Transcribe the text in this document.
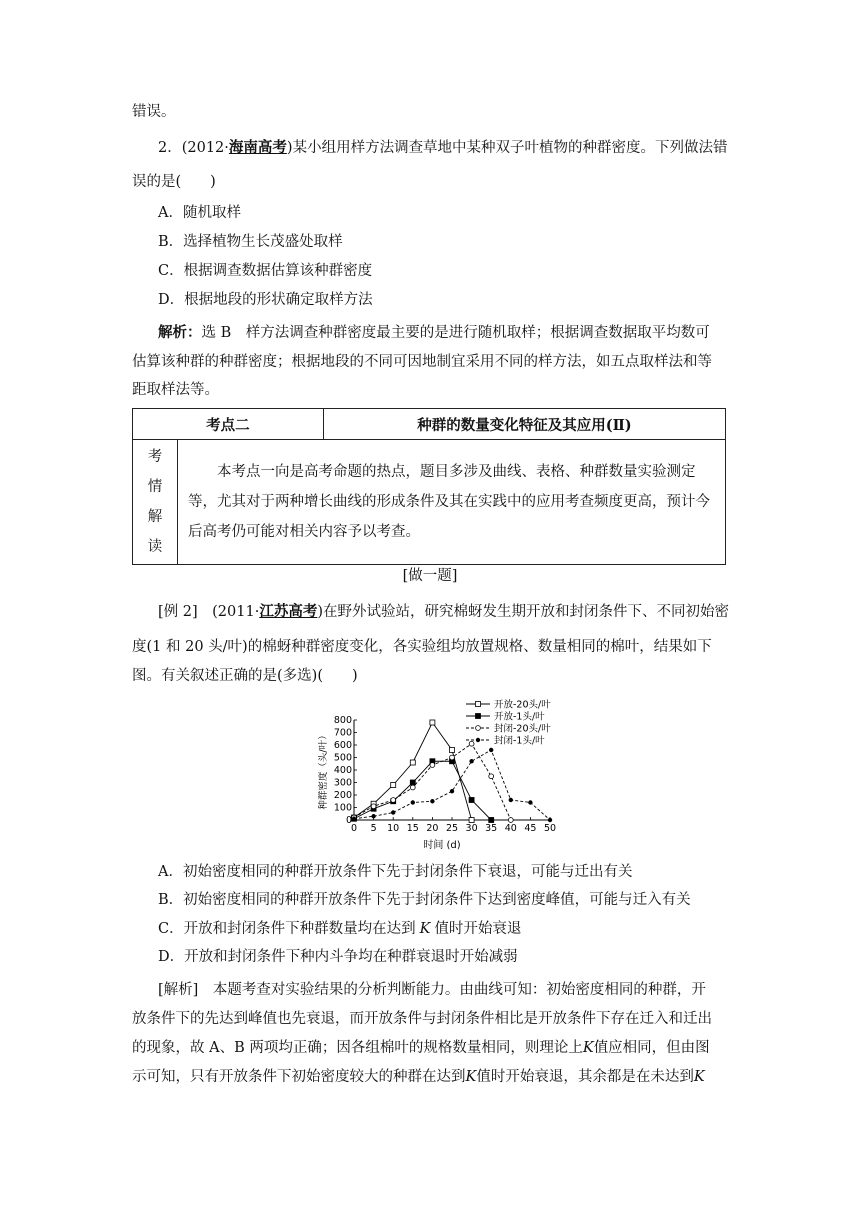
错误。
2．(2012·海南高考)某小组用样方法调查草地中某种双子叶植物的种群密度。下列做法错
误的是(　　)
A．随机取样
B．选择植物生长茂盛处取样
C．根据调查数据估算该种群密度
D．根据地段的形状确定取样方法
解析：选 B　样方法调查种群密度最主要的是进行随机取样；根据调查数据取平均数可
估算该种群的种群密度；根据地段的不同可因地制宜采用不同的样方法，如五点取样法和等
距取样法等。
考点二		种群的数量变化特征及其应用(Ⅱ)

考
情
解
读	本考点一向是高考命题的热点，题目多涉及曲线、表格、种群数量实验测定等，尤其对于两种增长曲线的形成条件及其在实践中的应用考查频度更高，预计今后高考仍可能对相关内容予以考查。	
[做一题]
[例 2]　(2011·江苏高考)在野外试验站，研究棉蚜发生期开放和封闭条件下、不同初始密
度(1 和 20 头/叶)的棉蚜种群密度变化，各实验组均放置规格、数量相同的棉叶，结果如下
图。有关叙述正确的是(多选)(　　)
0 5 10 15 20 25 30 35 40 45 50
0
100
200
300
400
500
600
700
800
时间 (d)
种群密度（头/叶）
开放-20头/叶
开放-1头/叶
封闭-20头/叶
封闭-1头/叶
A．初始密度相同的种群开放条件下先于封闭条件下衰退，可能与迁出有关
B．初始密度相同的种群开放条件下先于封闭条件下达到密度峰值，可能与迁入有关
C．开放和封闭条件下种群数量均在达到 K 值时开始衰退
D．开放和封闭条件下种内斗争均在种群衰退时开始减弱
[解析]　 本题考查对实验结果的分析判断能力。由曲线可知：初始密度相同的种群，开
放条件下的先达到峰值也先衰退，而开放条件与封闭条件相比是开放条件下存在迁入和迁出
的现象，故 A、B 两项均正确；因各组棉叶的规格数量相同，则理论上K值应相同，但由图
示可知，只有开放条件下初始密度较大的种群在达到K值时开始衰退，其余都是在未达到K
